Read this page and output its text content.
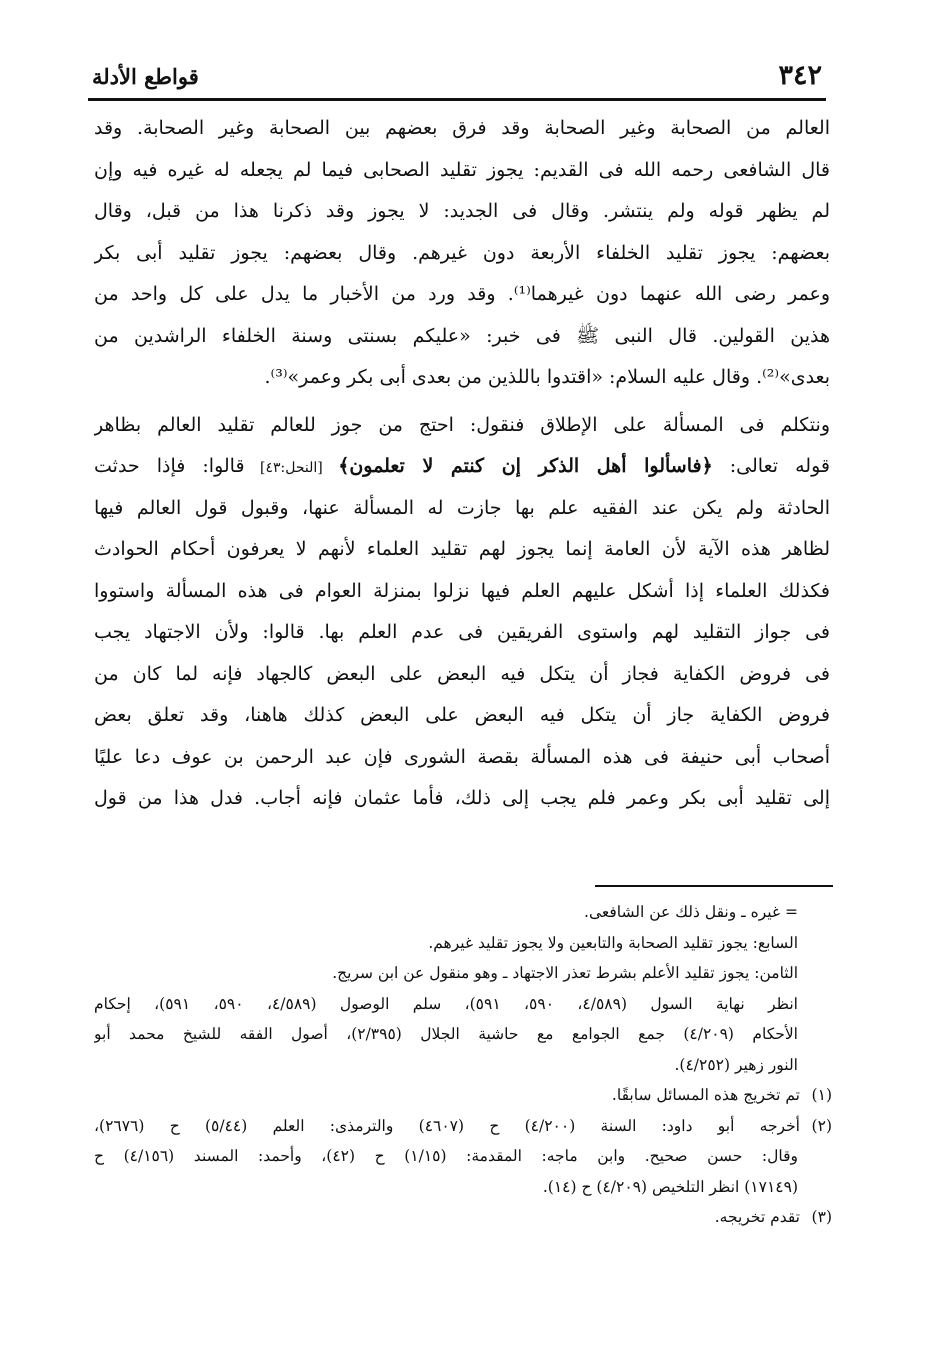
٣٤٢
قواطع الأدلة
العالم من الصحابة وغير الصحابة وقد فرق بعضهم بين الصحابة وغير الصحابة. وقد
قال الشافعى رحمه الله فى القديم: يجوز تقليد الصحابى فيما لم يجعله له غيره فيه وإن
لم يظهر قوله ولم ينتشر. وقال فى الجديد: لا يجوز وقد ذكرنا هذا من قبل، وقال
بعضهم: يجوز تقليد الخلفاء الأربعة دون غيرهم. وقال بعضهم: يجوز تقليد أبى بكر
وعمر رضى الله عنهما دون غيرهما⁽¹⁾. وقد ورد من الأخبار ما يدل على كل واحد من
هذين القولين. قال النبى ﷺ فى خبر: «عليكم بسنتى وسنة الخلفاء الراشدين من
بعدى»⁽²⁾. وقال عليه السلام: «اقتدوا باللذين من بعدى أبى بكر وعمر»⁽³⁾.
ونتكلم فى المسألة على الإطلاق فنقول: احتج من جوز للعالم تقليد العالم بظاهر
قوله تعالى: ﴿فاسألوا أهل الذكر إن كنتم لا تعلمون﴾ [النحل:٤٣] قالوا: فإذا حدثت
الحادثة ولم يكن عند الفقيه علم بها جازت له المسألة عنها، وقبول قول العالم فيها
لظاهر هذه الآية لأن العامة إنما يجوز لهم تقليد العلماء لأنهم لا يعرفون أحكام الحوادث
فكذلك العلماء إذا أشكل عليهم العلم فيها نزلوا بمنزلة العوام فى هذه المسألة واستووا
فى جواز التقليد لهم واستوى الفريقين فى عدم العلم بها. قالوا: ولأن الاجتهاد يجب
فى فروض الكفاية فجاز أن يتكل فيه البعض على البعض كالجهاد فإنه لما كان من
فروض الكفاية جاز أن يتكل فيه البعض على البعض كذلك هاهنا، وقد تعلق بعض
أصحاب أبى حنيفة فى هذه المسألة بقصة الشورى فإن عبد الرحمن بن عوف دعا عليًا
إلى تقليد أبى بكر وعمر فلم يجب إلى ذلك، فأما عثمان فإنه أجاب. فدل هذا من قول
= غيره ـ ونقل ذلك عن الشافعى.
السابع: يجوز تقليد الصحابة والتابعين ولا يجوز تقليد غيرهم.
الثامن: يجوز تقليد الأعلم بشرط تعذر الاجتهاد ـ وهو منقول عن ابن سريج.
انظر نهاية السول (٤/٥٨٩، ٥٩٠، ٥٩١)، سلم الوصول (٤/٥٨٩، ٥٩٠، ٥٩١)، إحكام
الأحكام (٤/٢٠٩) جمع الجوامع مع حاشية الجلال (٢/٣٩٥)، أصول الفقه للشيخ محمد أبو
النور زهير (٤/٢٥٢).
(١)تم تخريج هذه المسائل سابقًا.
(٢)أخرجه أبو داود: السنة (٤/٢٠٠) ح (٤٦٠٧) والترمذى: العلم (٥/٤٤) ح (٢٦٧٦)،
وقال: حسن صحيح. وابن ماجه: المقدمة: (١/١٥) ح (٤٢)، وأحمد: المسند (٤/١٥٦) ح
(١٧١٤٩) انظر التلخيص (٤/٢٠٩) ح (١٤).
(٣)تقدم تخريجه.
